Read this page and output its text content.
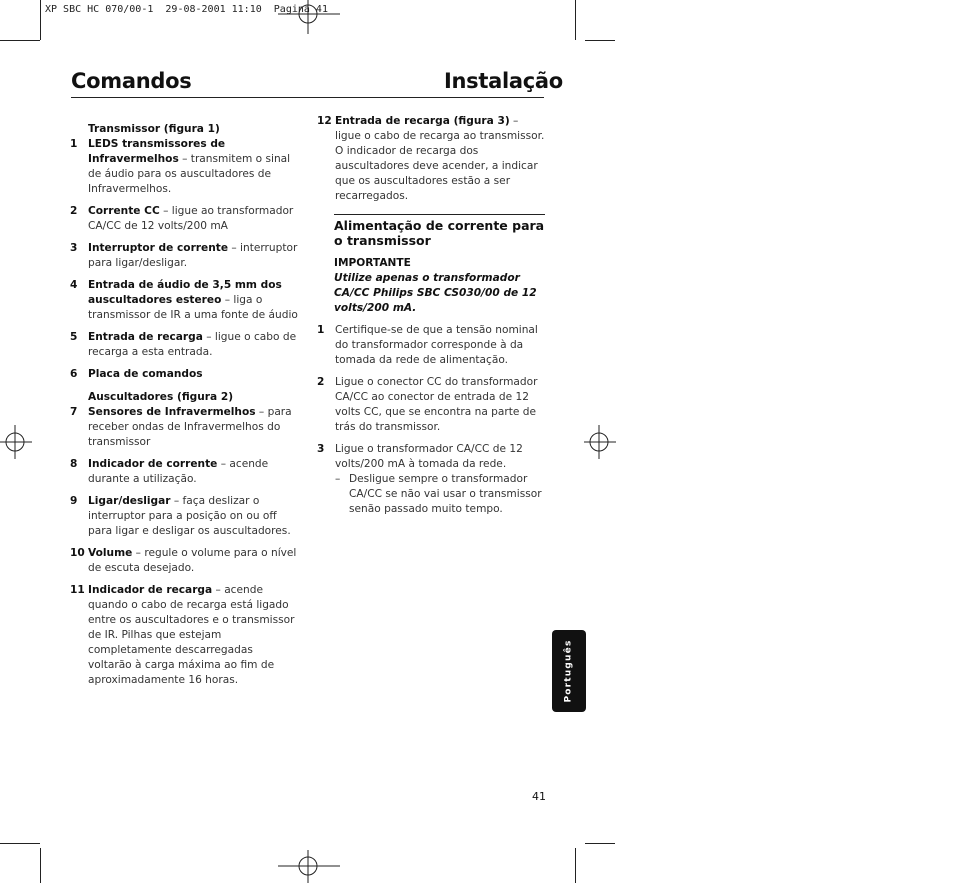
XP SBC HC 070/00-1  29-08-2001 11:10  Pagina 41
Comandos	Instalação
Transmissor (figura 1)
1 LEDS transmissores de Infravermelhos – transmitem o sinal de áudio para os auscultadores de Infravermelhos.
2 Corrente CC – ligue ao transformador CA/CC de 12 volts/200 mA
3 Interruptor de corrente – interruptor para ligar/desligar.
4 Entrada de áudio de 3,5 mm dos auscultadores estereo – liga o transmissor de IR a uma fonte de áudio
5 Entrada de recarga – ligue o cabo de recarga a esta entrada.
6 Placa de comandos
Auscultadores (figura 2)
7 Sensores de Infravermelhos – para receber ondas de Infravermelhos do transmissor
8 Indicador de corrente – acende durante a utilização.
9 Ligar/desligar – faça deslizar o interruptor para a posição on ou off para ligar e desligar os auscultadores.
10 Volume – regule o volume para o nível de escuta desejado.
11 Indicador de recarga – acende quando o cabo de recarga está ligado entre os auscultadores e o transmissor de IR. Pilhas que estejam completamente descarregadas voltarão à carga máxima ao fim de aproximadamente 16 horas.
12 Entrada de recarga (figura 3) – ligue o cabo de recarga ao transmissor. O indicador de recarga dos auscultadores deve acender, a indicar que os auscultadores estão a ser recarregados.
Alimentação de corrente para o transmissor
IMPORTANTE
Utilize apenas o transformador CA/CC Philips SBC CS030/00 de 12 volts/200 mA.
1 Certifique-se de que a tensão nominal do transformador corresponde à da tomada da rede de alimentação.
2 Ligue o conector CC do transformador CA/CC ao conector de entrada de 12 volts CC, que se encontra na parte de trás do transmissor.
3 Ligue o transformador CA/CC de 12 volts/200 mA à tomada da rede.
– Desligue sempre o transformador CA/CC se não vai usar o transmissor senão passado muito tempo.
Português
41
